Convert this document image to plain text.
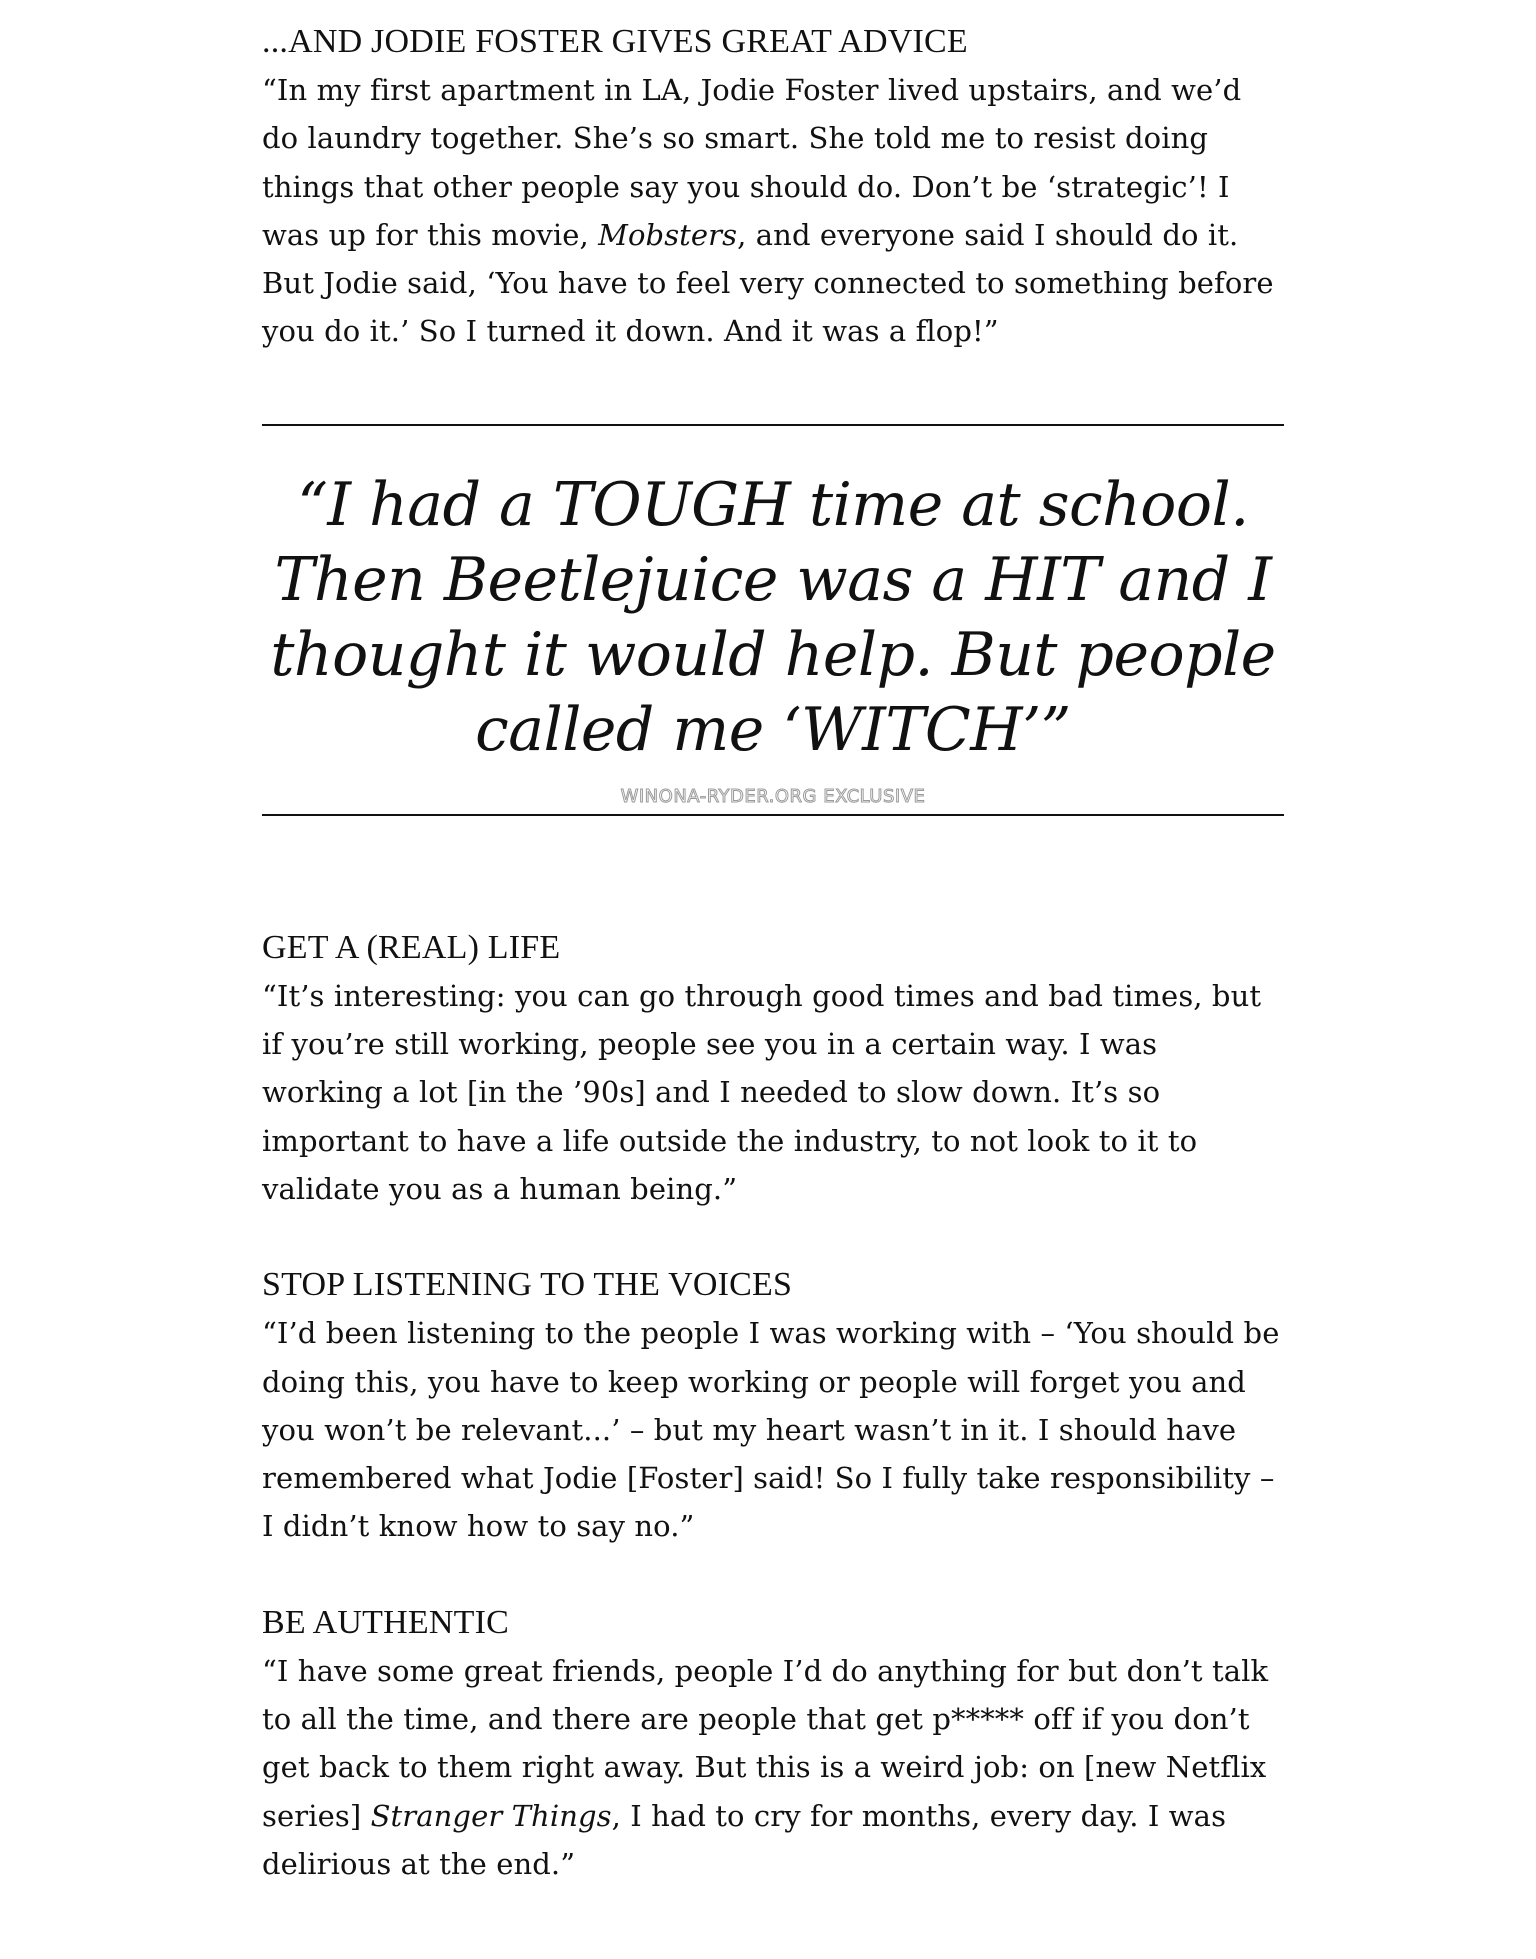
...AND JODIE FOSTER GIVES GREAT ADVICE

“In my first apartment in LA, Jodie Foster lived upstairs, and we’d do laundry together. She’s so smart. She told me to resist doing things that other people say you should do. Don’t be ‘strategic’! I was up for this movie, Mobsters, and everyone said I should do it. But Jodie said, ‘You have to feel very connected to something before you do it.’ So I turned it down. And it was a flop!”

“I had a TOUGH time at school. Then Beetlejuice was a HIT and I thought it would help. But people called me ‘WITCH’”

WINONA-RYDER.ORG EXCLUSIVE
GET A (REAL) LIFE

“It’s interesting: you can go through good times and bad times, but if you’re still working, people see you in a certain way. I was working a lot [in the ’90s] and I needed to slow down. It’s so important to have a life outside the industry, to not look to it to validate you as a human being.”

STOP LISTENING TO THE VOICES

“I’d been listening to the people I was working with – ‘You should be doing this, you have to keep working or people will forget you and you won’t be relevant...’ – but my heart wasn’t in it. I should have remembered what Jodie [Foster] said! So I fully take responsibility – I didn’t know how to say no.”

BE AUTHENTIC

“I have some great friends, people I’d do anything for but don’t talk to all the time, and there are people that get p***** off if you don’t get back to them right away. But this is a weird job: on [new Netflix series] Stranger Things, I had to cry for months, every day. I was delirious at the end.”
